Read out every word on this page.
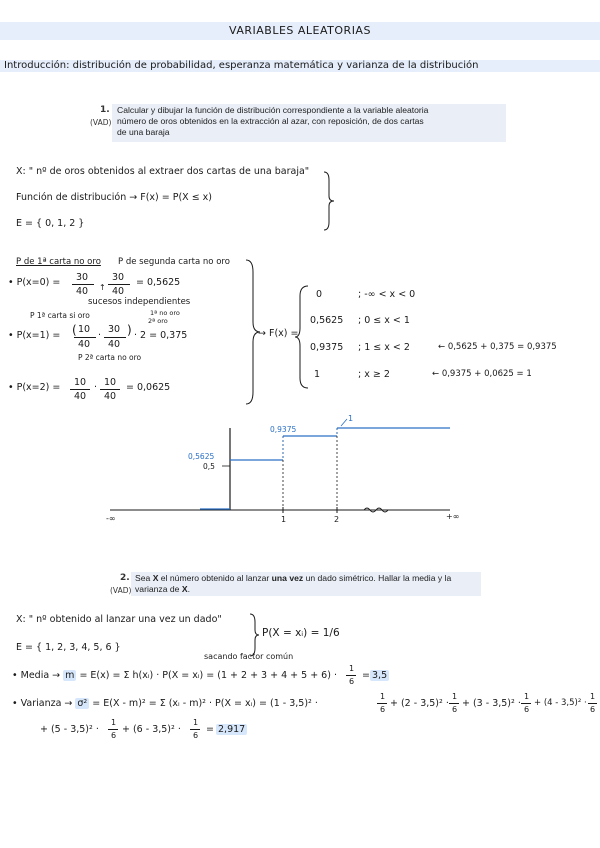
VARIABLES ALEATORIAS
Introducción: distribución de probabilidad, esperanza matemática y varianza de la distribución
1.
(VAD)
Calcular y dibujar la función de distribución correspondiente a la variable aleatoria
número de oros obtenidos en la extracción al azar, con reposición, de dos cartas
de una baraja
X: " nº de oros obtenidos al extraer dos cartas de una baraja"
Función de distribución → F(x) = P(X ≤ x)
E = { 0, 1, 2 }
P de 1ª carta no oro P de segunda carta no oro
• P(x=0) = 30
40 ↑
30
40
= 0,5625
sucesos independientes
P 1ª carta si oro	1ª no oro
2ª oro
• P(x=1) = ( 10
40
·
30
40
) · 2 = 0,375
P 2ª carta no oro
• P(x=2) = 10
40
· 10
40
= 0,0625
→ F(x) =
0	; -∞ < x < 0
0,5625 ; 0 ≤ x < 1
0,9375 ; 1 ≤ x < 2	← 0,5625 + 0,375 = 0,9375
1	; x ≥ 2	← 0,9375 + 0,0625 = 1
0,5625
0,5
0,9375
1
-∞	1	2	+∞
2.
(VAD)
Sea X el número obtenido al lanzar una vez un dado simétrico. Hallar la media y la
varianza de X.
X: " nº obtenido al lanzar una vez un dado"
P(X = xᵢ) = 1/6
E = { 1, 2, 3, 4, 5, 6 }
sacando factor común
• Media → m = E(x) = Σ h(xᵢ) · P(X = xᵢ) = (1 + 2 + 3 + 4 + 5 + 6) ·
1
6
= 3,5
• Varianza → σ² = E(X - m)² = Σ (xᵢ - m)² · P(X = xᵢ) = (1 - 3,5)² ·
1
6
+ (2 - 3,5)² ·
1
6
+ (3 - 3,5)² ·
1
6
+ (4 - 3,5)² ·
1
6
+ (5 - 3,5)² ·
1
6
+ (6 - 3,5)² ·
1
6
= 2,917
